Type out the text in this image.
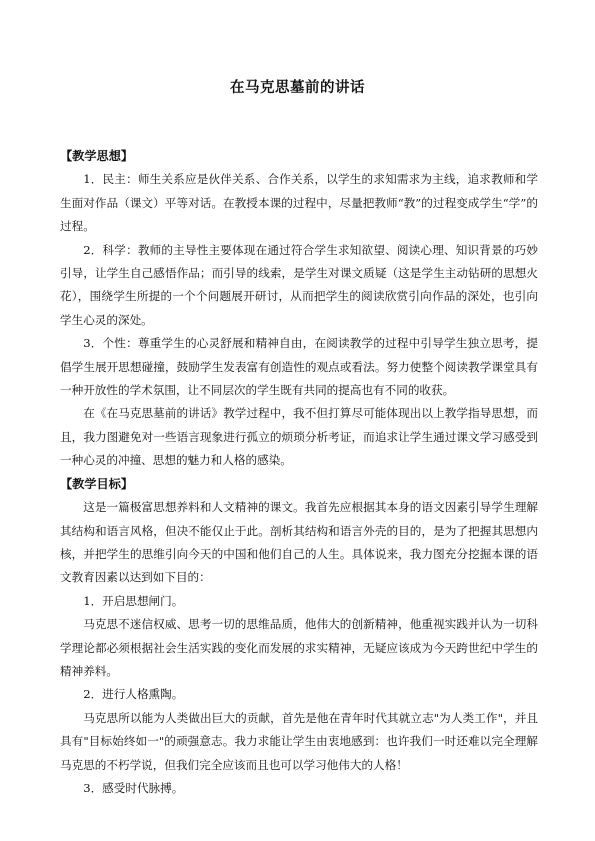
在马克思墓前的讲话
【教学思想】

1．民主：师生关系应是伙伴关系、合作关系，以学生的求知需求为主线，追求教师和学生面对作品（课文）平等对话。在教授本课的过程中，尽量把教师“教”的过程变成学生“学”的过程。

2．科学：教师的主导性主要体现在通过符合学生求知欲望、阅读心理、知识背景的巧妙引导，让学生自己感悟作品；而引导的线索，是学生对课文质疑（这是学生主动钻研的思想火花），围绕学生所提的一个个问题展开研讨，从而把学生的阅读欣赏引向作品的深处，也引向学生心灵的深处。

3．个性：尊重学生的心灵舒展和精神自由，在阅读教学的过程中引导学生独立思考，提倡学生展开思想碰撞，鼓励学生发表富有创造性的观点或看法。努力使整个阅读教学课堂具有一种开放性的学术氛围，让不同层次的学生既有共同的提高也有不同的收获。

在《在马克思墓前的讲话》教学过程中，我不但打算尽可能体现出以上教学指导思想，而且，我力图避免对一些语言现象进行孤立的烦琐分析考证，而追求让学生通过课文学习感受到一种心灵的冲撞、思想的魅力和人格的感染。

【教学目标】

这是一篇极富思想养料和人文精神的课文。我首先应根据其本身的语文因素引导学生理解其结构和语言风格，但决不能仅止于此。剖析其结构和语言外壳的目的，是为了把握其思想内核，并把学生的思维引向今天的中国和他们自己的人生。具体说来，我力图充分挖掘本课的语文教育因素以达到如下目的：

1．开启思想闸门。

马克思不迷信权威、思考一切的思维品质，他伟大的创新精神，他重视实践并认为一切科学理论都必须根据社会生活实践的变化而发展的求实精神，无疑应该成为今天跨世纪中学生的精神养料。

2．进行人格熏陶。

马克思所以能为人类做出巨大的贡献，首先是他在青年时代其就立志"为人类工作"，并且具有"目标始终如一"的顽强意志。我力求能让学生由衷地感到：也许我们一时还难以完全理解马克思的不朽学说，但我们完全应该而且也可以学习他伟大的人格！

3．感受时代脉搏。
